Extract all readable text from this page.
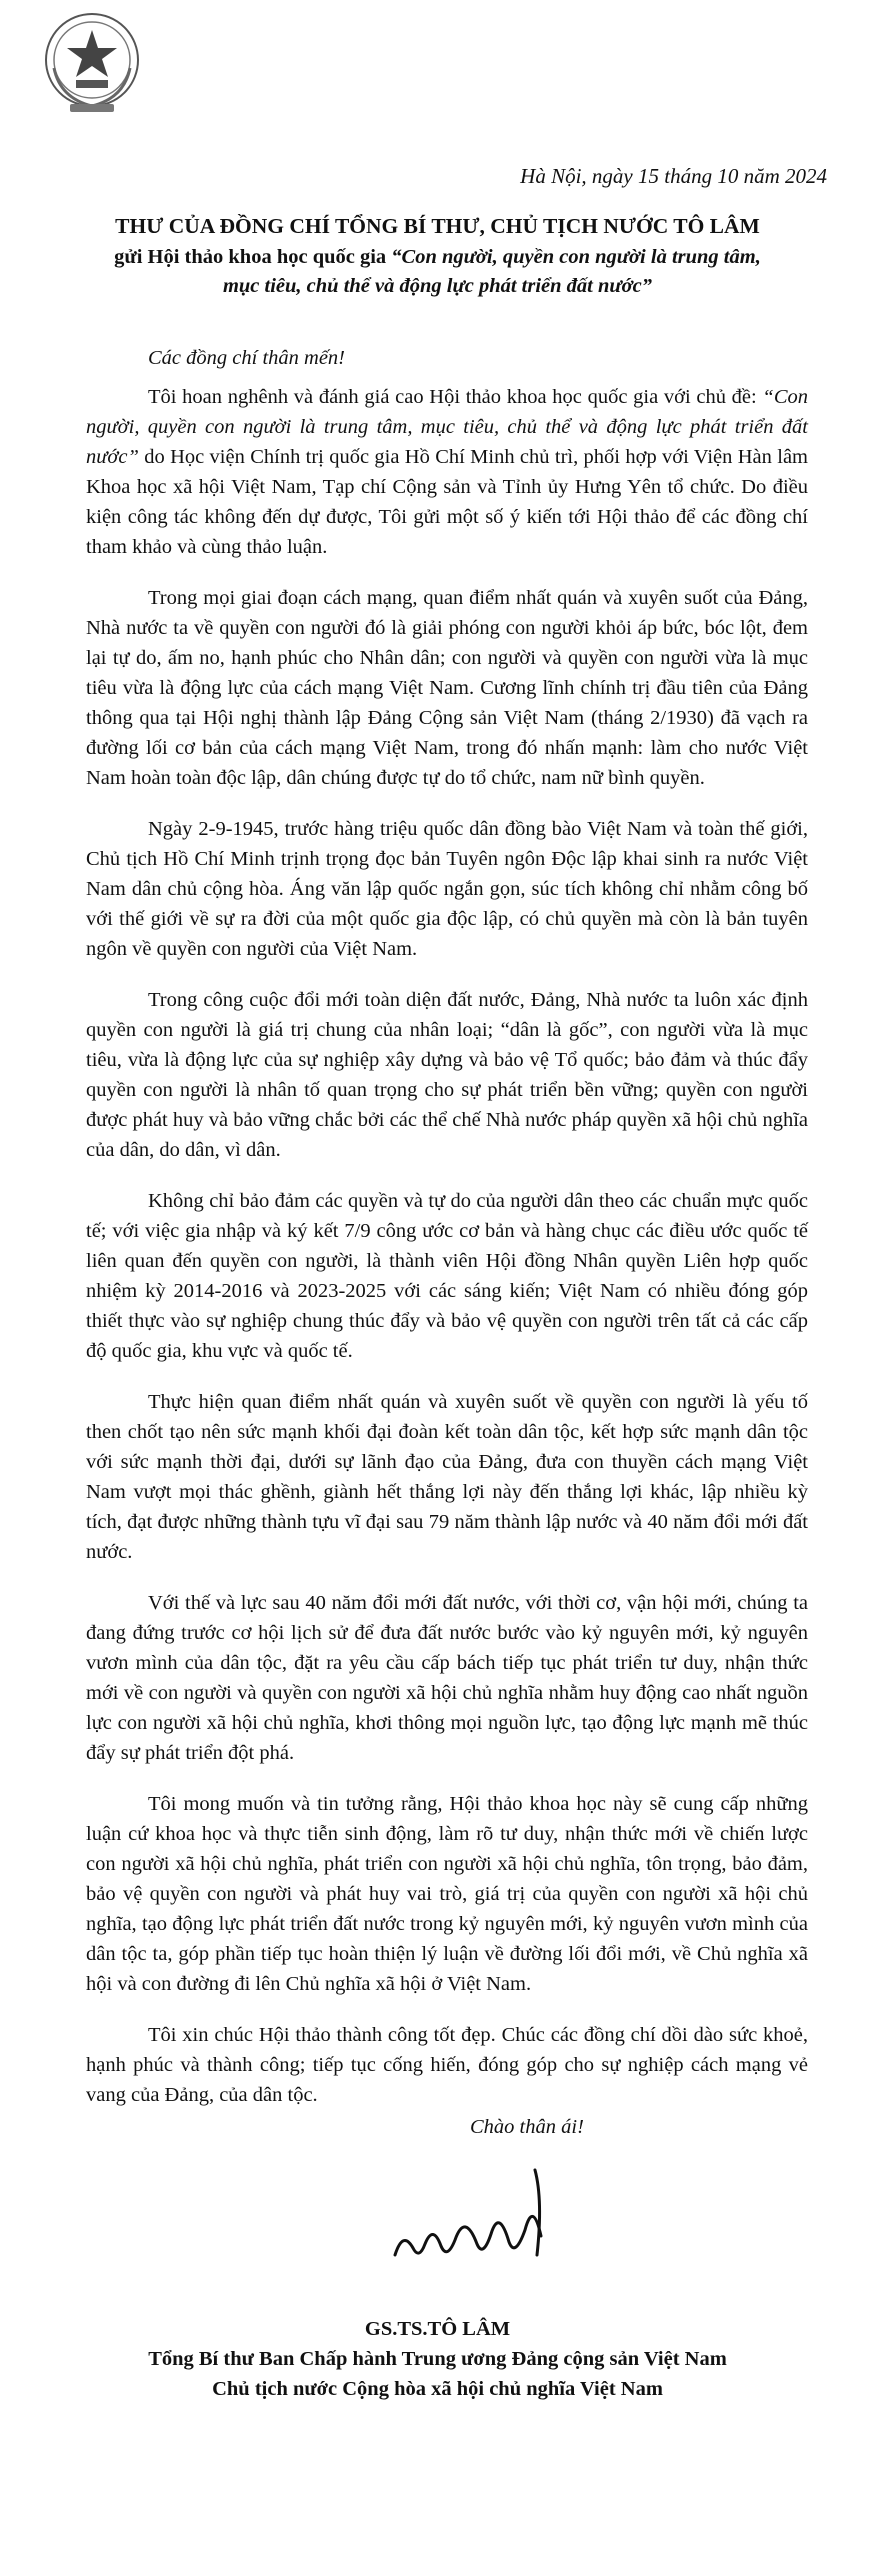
Hà Nội, ngày 15 tháng 10 năm 2024
THƯ CỦA ĐỒNG CHÍ TỔNG BÍ THƯ, CHỦ TỊCH NƯỚC TÔ LÂM
gửi Hội thảo khoa học quốc gia “Con người, quyền con người là trung tâm,
mục tiêu, chủ thể và động lực phát triển đất nước”
Các đồng chí thân mến!

Tôi hoan nghênh và đánh giá cao Hội thảo khoa học quốc gia với chủ đề: “Con người, quyền con người là trung tâm, mục tiêu, chủ thể và động lực phát triển đất nước” do Học viện Chính trị quốc gia Hồ Chí Minh chủ trì, phối hợp với Viện Hàn lâm Khoa học xã hội Việt Nam, Tạp chí Cộng sản và Tỉnh ủy Hưng Yên tổ chức. Do điều kiện công tác không đến dự được, Tôi gửi một số ý kiến tới Hội thảo để các đồng chí tham khảo và cùng thảo luận.

Trong mọi giai đoạn cách mạng, quan điểm nhất quán và xuyên suốt của Đảng, Nhà nước ta về quyền con người đó là giải phóng con người khỏi áp bức, bóc lột, đem lại tự do, ấm no, hạnh phúc cho Nhân dân; con người và quyền con người vừa là mục tiêu vừa là động lực của cách mạng Việt Nam. Cương lĩnh chính trị đầu tiên của Đảng thông qua tại Hội nghị thành lập Đảng Cộng sản Việt Nam (tháng 2/1930) đã vạch ra đường lối cơ bản của cách mạng Việt Nam, trong đó nhấn mạnh: làm cho nước Việt Nam hoàn toàn độc lập, dân chúng được tự do tổ chức, nam nữ bình quyền.

Ngày 2-9-1945, trước hàng triệu quốc dân đồng bào Việt Nam và toàn thế giới, Chủ tịch Hồ Chí Minh trịnh trọng đọc bản Tuyên ngôn Độc lập khai sinh ra nước Việt Nam dân chủ cộng hòa. Áng văn lập quốc ngắn gọn, súc tích không chỉ nhằm công bố với thế giới về sự ra đời của một quốc gia độc lập, có chủ quyền mà còn là bản tuyên ngôn về quyền con người của Việt Nam.

Trong công cuộc đổi mới toàn diện đất nước, Đảng, Nhà nước ta luôn xác định quyền con người là giá trị chung của nhân loại; “dân là gốc”, con người vừa là mục tiêu, vừa là động lực của sự nghiệp xây dựng và bảo vệ Tổ quốc; bảo đảm và thúc đẩy quyền con người là nhân tố quan trọng cho sự phát triển bền vững; quyền con người được phát huy và bảo vững chắc bởi các thể chế Nhà nước pháp quyền xã hội chủ nghĩa của dân, do dân, vì dân.

Không chỉ bảo đảm các quyền và tự do của người dân theo các chuẩn mực quốc tế; với việc gia nhập và ký kết 7/9 công ước cơ bản và hàng chục các điều ước quốc tế liên quan đến quyền con người, là thành viên Hội đồng Nhân quyền Liên hợp quốc nhiệm kỳ 2014-2016 và 2023-2025 với các sáng kiến; Việt Nam có nhiều đóng góp thiết thực vào sự nghiệp chung thúc đẩy và bảo vệ quyền con người trên tất cả các cấp độ quốc gia, khu vực và quốc tế.

Thực hiện quan điểm nhất quán và xuyên suốt về quyền con người là yếu tố then chốt tạo nên sức mạnh khối đại đoàn kết toàn dân tộc, kết hợp sức mạnh dân tộc với sức mạnh thời đại, dưới sự lãnh đạo của Đảng, đưa con thuyền cách mạng Việt Nam vượt mọi thác ghềnh, giành hết thắng lợi này đến thắng lợi khác, lập nhiều kỳ tích, đạt được những thành tựu vĩ đại sau 79 năm thành lập nước và 40 năm đổi mới đất nước.

Với thế và lực sau 40 năm đổi mới đất nước, với thời cơ, vận hội mới, chúng ta đang đứng trước cơ hội lịch sử để đưa đất nước bước vào kỷ nguyên mới, kỷ nguyên vươn mình của dân tộc, đặt ra yêu cầu cấp bách tiếp tục phát triển tư duy, nhận thức mới về con người và quyền con người xã hội chủ nghĩa nhằm huy động cao nhất nguồn lực con người xã hội chủ nghĩa, khơi thông mọi nguồn lực, tạo động lực mạnh mẽ thúc đẩy sự phát triển đột phá.

Tôi mong muốn và tin tưởng rằng, Hội thảo khoa học này sẽ cung cấp những luận cứ khoa học và thực tiễn sinh động, làm rõ tư duy, nhận thức mới về chiến lược con người xã hội chủ nghĩa, phát triển con người xã hội chủ nghĩa, tôn trọng, bảo đảm, bảo vệ quyền con người và phát huy vai trò, giá trị của quyền con người xã hội chủ nghĩa, tạo động lực phát triển đất nước trong kỷ nguyên mới, kỷ nguyên vươn mình của dân tộc ta, góp phần tiếp tục hoàn thiện lý luận về đường lối đổi mới, về Chủ nghĩa xã hội và con đường đi lên Chủ nghĩa xã hội ở Việt Nam.

Tôi xin chúc Hội thảo thành công tốt đẹp. Chúc các đồng chí dồi dào sức khoẻ, hạnh phúc và thành công; tiếp tục cống hiến, đóng góp cho sự nghiệp cách mạng vẻ vang của Đảng, của dân tộc.

Chào thân ái!
GS.TS.TÔ LÂM
Tổng Bí thư Ban Chấp hành Trung ương Đảng cộng sản Việt Nam
Chủ tịch nước Cộng hòa xã hội chủ nghĩa Việt Nam
